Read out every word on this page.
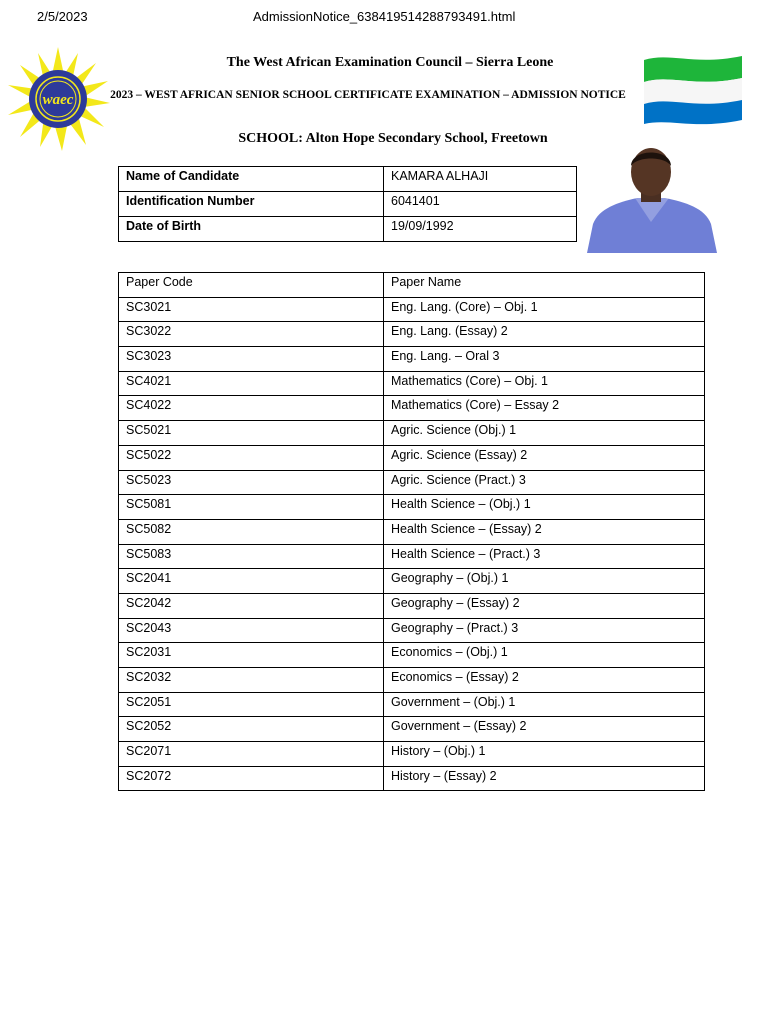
2/5/2023	AdmissionNotice_638419514288793491.html
waec
The West African Examination Council – Sierra Leone
2023 – WEST AFRICAN SENIOR SCHOOL CERTIFICATE EXAMINATION – ADMISSION NOTICE
SCHOOL: Alton Hope Secondary School, Freetown
Name of Candidate	KAMARA ALHAJI
Identification Number	6041401
Date of Birth	19/09/1992
Paper Code	Paper Name
SC3021	Eng. Lang. (Core) – Obj. 1
SC3022	Eng. Lang. (Essay) 2
SC3023	Eng. Lang. – Oral 3
SC4021	Mathematics (Core) – Obj. 1
SC4022	Mathematics (Core) – Essay 2
SC5021	Agric. Science (Obj.) 1
SC5022	Agric. Science (Essay) 2
SC5023	Agric. Science (Pract.) 3
SC5081	Health Science – (Obj.) 1
SC5082	Health Science – (Essay) 2
SC5083	Health Science – (Pract.) 3
SC2041	Geography – (Obj.) 1
SC2042	Geography – (Essay) 2
SC2043	Geography – (Pract.) 3
SC2031	Economics – (Obj.) 1
SC2032	Economics – (Essay) 2
SC2051	Government – (Obj.) 1
SC2052	Government – (Essay) 2
SC2071	History – (Obj.) 1
SC2072	History – (Essay) 2
